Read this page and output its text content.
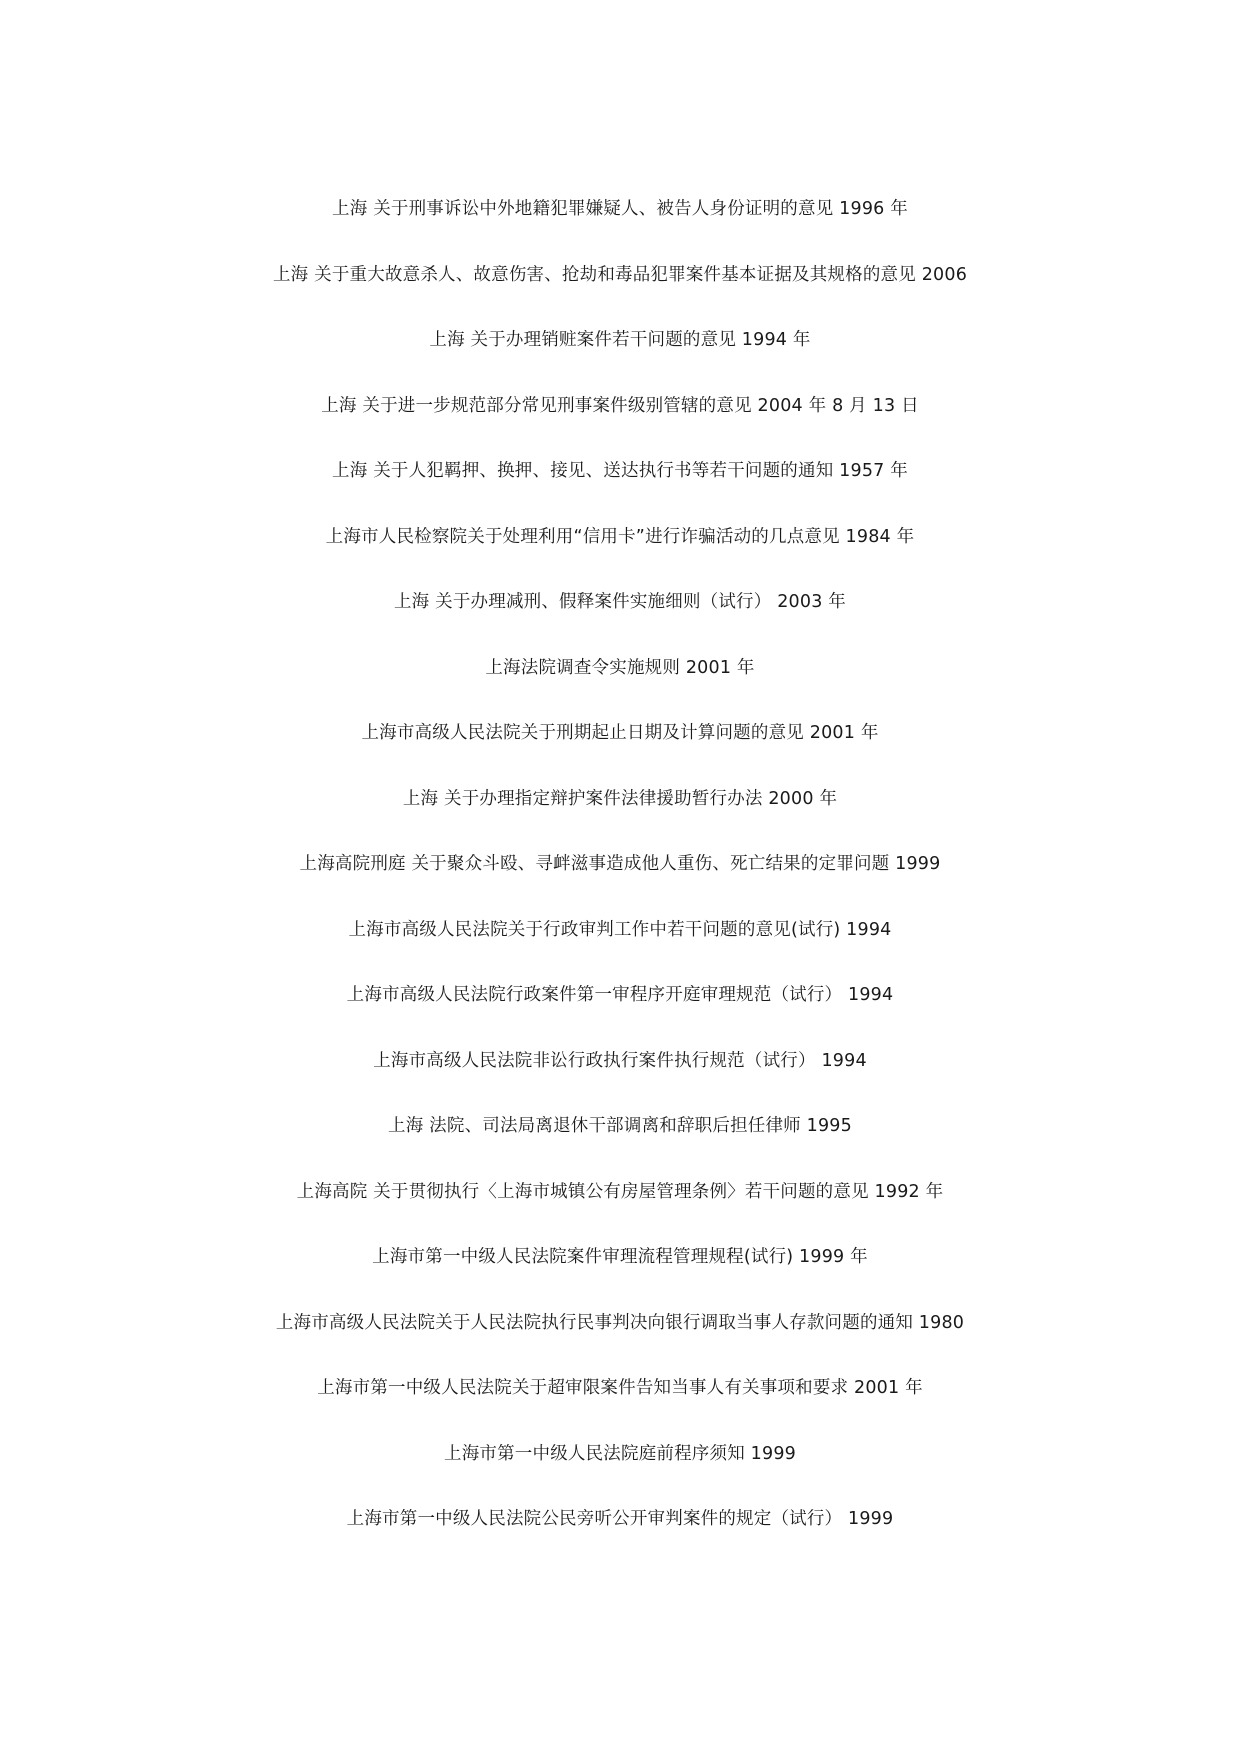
上海 关于刑事诉讼中外地籍犯罪嫌疑人、被告人身份证明的意见 1996 年
上海 关于重大故意杀人、故意伤害、抢劫和毒品犯罪案件基本证据及其规格的意见 2006
上海 关于办理销赃案件若干问题的意见 1994 年
上海 关于进一步规范部分常见刑事案件级别管辖的意见 2004 年 8 月 13 日
上海 关于人犯羁押、换押、接见、送达执行书等若干问题的通知 1957 年
上海市人民检察院关于处理利用“信用卡”进行诈骗活动的几点意见 1984 年
上海 关于办理减刑、假释案件实施细则（试行） 2003 年
上海法院调查令实施规则 2001 年
上海市高级人民法院关于刑期起止日期及计算问题的意见 2001 年
上海 关于办理指定辩护案件法律援助暂行办法 2000 年
上海高院刑庭 关于聚众斗殴、寻衅滋事造成他人重伤、死亡结果的定罪问题 1999
上海市高级人民法院关于行政审判工作中若干问题的意见(试行) 1994
上海市高级人民法院行政案件第一审程序开庭审理规范（试行） 1994
上海市高级人民法院非讼行政执行案件执行规范（试行） 1994
上海 法院、司法局离退休干部调离和辞职后担任律师 1995
上海高院 关于贯彻执行〈上海市城镇公有房屋管理条例〉若干问题的意见 1992 年
上海市第一中级人民法院案件审理流程管理规程(试行) 1999 年
上海市高级人民法院关于人民法院执行民事判决向银行调取当事人存款问题的通知 1980
上海市第一中级人民法院关于超审限案件告知当事人有关事项和要求 2001 年
上海市第一中级人民法院庭前程序须知 1999
上海市第一中级人民法院公民旁听公开审判案件的规定（试行） 1999
